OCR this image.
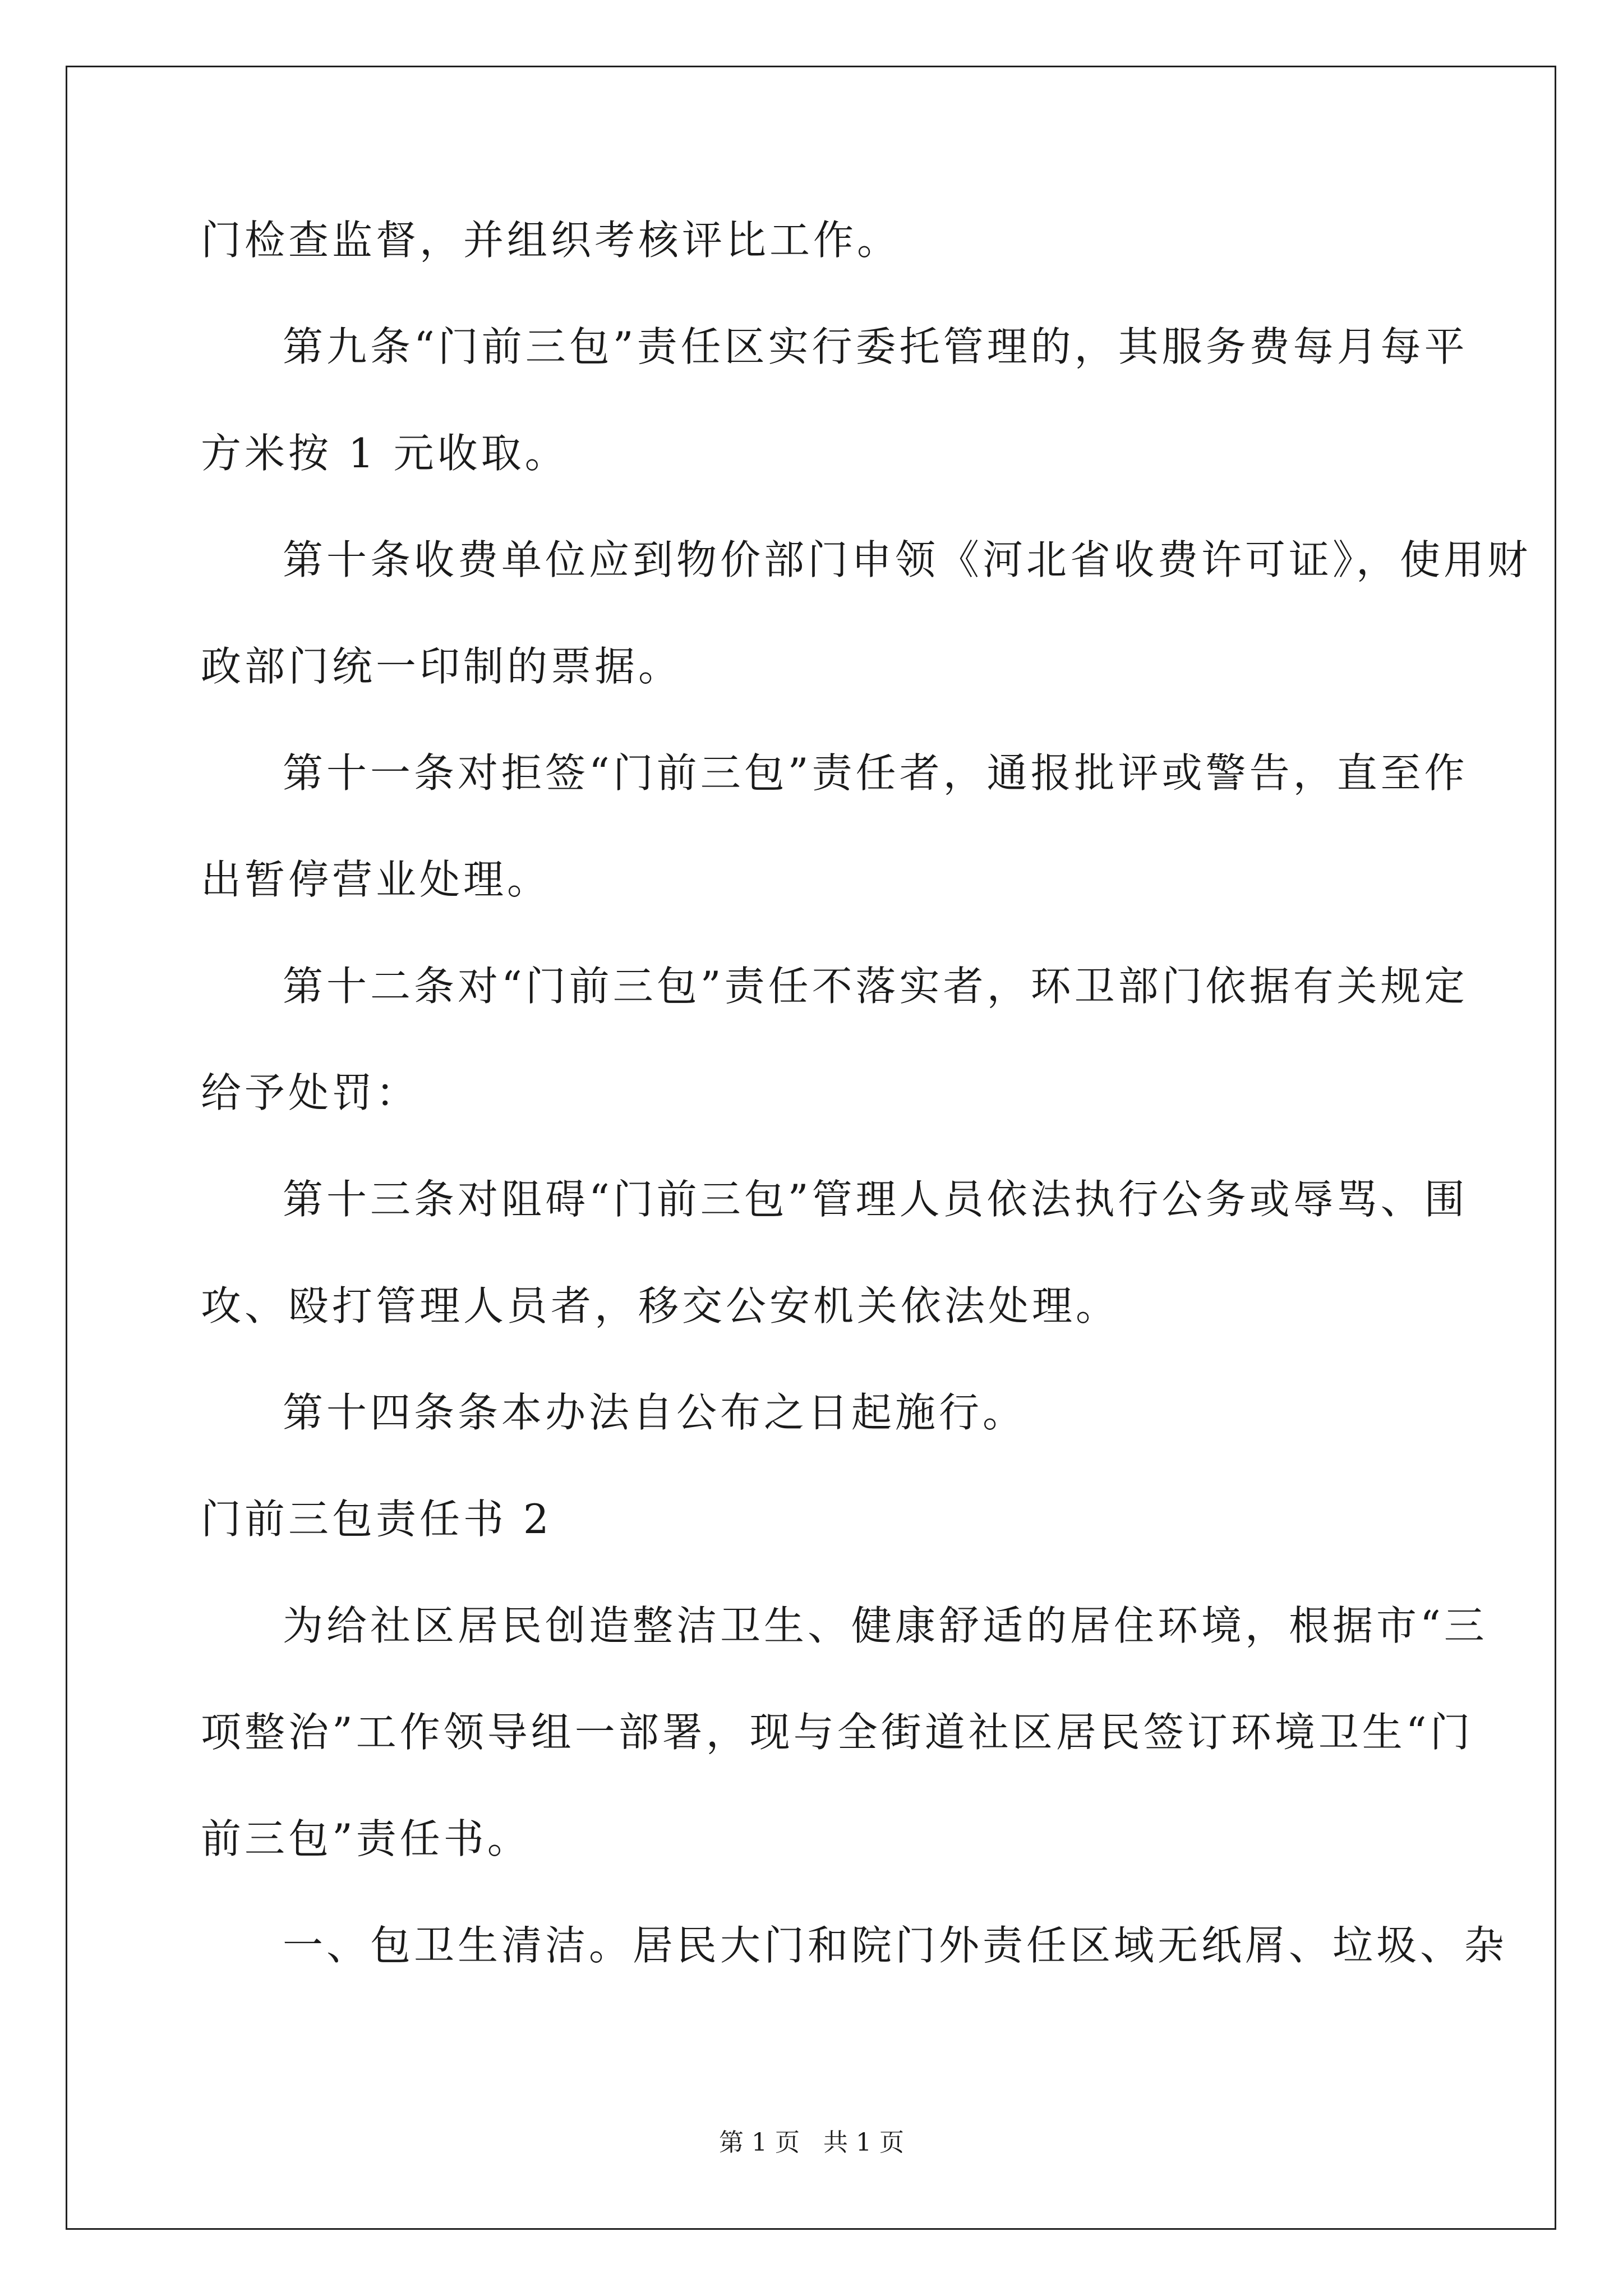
门检查监督，并组织考核评比工作。
第九条“门前三包”责任区实行委托管理的，其服务费每月每平
方米按 1 元收取。
第十条收费单位应到物价部门申领《河北省收费许可证》，使用财
政部门统一印制的票据。
第十一条对拒签“门前三包”责任者，通报批评或警告，直至作
出暂停营业处理。
第十二条对“门前三包”责任不落实者，环卫部门依据有关规定
给予处罚：
第十三条对阻碍“门前三包”管理人员依法执行公务或辱骂、围
攻、殴打管理人员者，移交公安机关依法处理。
第十四条条本办法自公布之日起施行。
门前三包责任书 2
为给社区居民创造整洁卫生、健康舒适的居住环境，根据市“三
项整治”工作领导组一部署，现与全街道社区居民签订环境卫生“门
前三包”责任书。
一、包卫生清洁。居民大门和院门外责任区域无纸屑、垃圾、杂
第 1 页   共 1 页
